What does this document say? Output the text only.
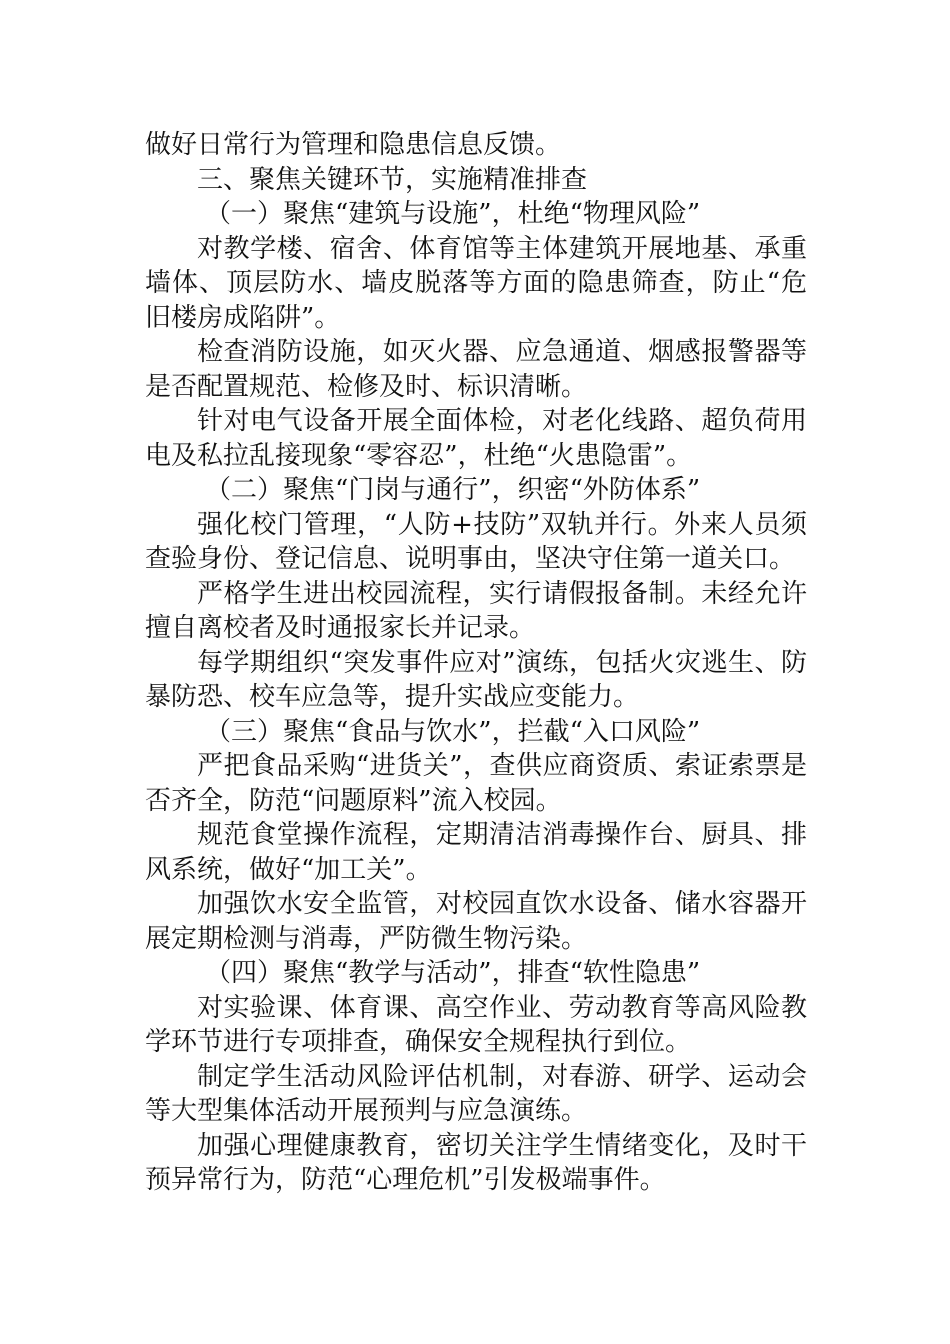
做好日常行为管理和隐患信息反馈。

三、聚焦关键环节，实施精准排查

（一）聚焦“建筑与设施”，杜绝“物理风险”

对教学楼、宿舍、体育馆等主体建筑开展地基、承重墙体、顶层防水、墙皮脱落等方面的隐患筛查，防止“危旧楼房成陷阱”。

检查消防设施，如灭火器、应急通道、烟感报警器等是否配置规范、检修及时、标识清晰。

针对电气设备开展全面体检，对老化线路、超负荷用电及私拉乱接现象“零容忍”，杜绝“火患隐雷”。

（二）聚焦“门岗与通行”，织密“外防体系”

强化校门管理，“人防+技防”双轨并行。外来人员须查验身份、登记信息、说明事由，坚决守住第一道关口。

严格学生进出校园流程，实行请假报备制。未经允许擅自离校者及时通报家长并记录。

每学期组织“突发事件应对”演练，包括火灾逃生、防暴防恐、校车应急等，提升实战应变能力。

（三）聚焦“食品与饮水”，拦截“入口风险”

严把食品采购“进货关”，查供应商资质、索证索票是否齐全，防范“问题原料”流入校园。

规范食堂操作流程，定期清洁消毒操作台、厨具、排风系统，做好“加工关”。

加强饮水安全监管，对校园直饮水设备、储水容器开展定期检测与消毒，严防微生物污染。

（四）聚焦“教学与活动”，排查“软性隐患”

对实验课、体育课、高空作业、劳动教育等高风险教学环节进行专项排查，确保安全规程执行到位。

制定学生活动风险评估机制，对春游、研学、运动会等大型集体活动开展预判与应急演练。

加强心理健康教育，密切关注学生情绪变化，及时干预异常行为，防范“心理危机”引发极端事件。
